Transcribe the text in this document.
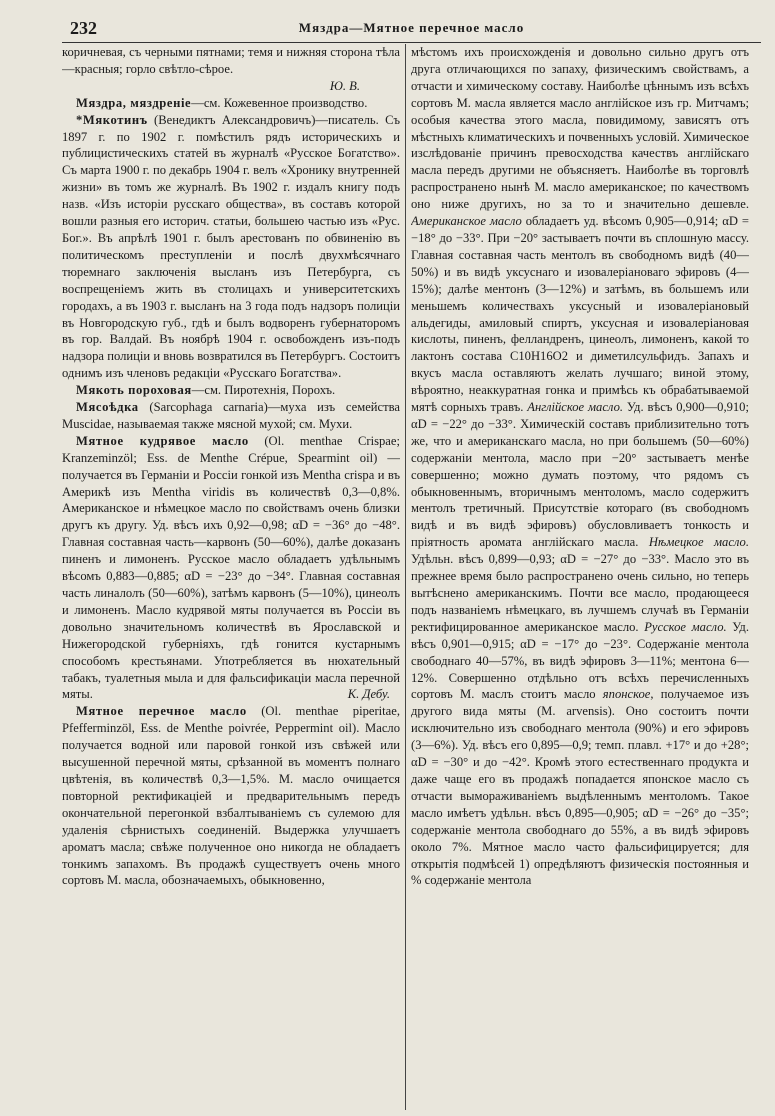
232	Мяздра—Мятное перечное масло

коричневая, съ черными пятнами; темя и нижняя сторона тѣла—красныя; горло свѣтло-сѣрое.

Ю. В.

Мяздра, мяздреніе—см. Кожевенное производство.

*Мякотинъ (Венедиктъ Александровичъ)—писатель. Съ 1897 г. по 1902 г. помѣстилъ рядъ историческихъ и публицистическихъ статей въ журналѣ «Русское Богатство». Съ марта 1900 г. по декабрь 1904 г. велъ «Хронику внутренней жизни» въ томъ же журналѣ. Въ 1902 г. издалъ книгу подъ назв. «Изъ исторіи русскаго общества», въ составъ которой вошли разныя его историч. статьи, большею частью изъ «Рус. Бог.». Въ апрѣлѣ 1901 г. былъ арестованъ по обвиненію въ политическомъ преступленіи и послѣ двухмѣсячнаго тюремнаго заключенія высланъ изъ Петербурга, съ воспрещеніемъ жить въ столицахъ и университетскихъ городахъ, а въ 1903 г. высланъ на 3 года подъ надзоръ полиціи въ Новгородскую губ., гдѣ и былъ водворенъ губернаторомъ въ гор. Валдай. Въ ноябрѣ 1904 г. освобожденъ изъ-подъ надзора полиціи и вновь возвратился въ Петербургъ. Состоитъ однимъ изъ членовъ редакціи «Русскаго Богатства».

Мякоть пороховая—см. Пиротехнія, Порохъ.

Мясоѣдка (Sarcophaga carnaria)—муха изъ семейства Muscidae, называемая также мясной мухой; см. Мухи.

Мятное кудрявое масло (Ol. menthae Crispae; Kranzeminzöl; Ess. de Menthe Crépue, Spearmint oil) — получается въ Германіи и Россіи гонкой изъ Mentha crispa и въ Америкѣ изъ Mentha viridis въ количествѣ 0,3—0,8%. Американское и нѣмецкое масло по свойствамъ очень близки другъ къ другу. Уд. вѣсъ ихъ 0,92—0,98; αD = −36° до −48°. Главная составная часть—карвонъ (50—60%), далѣе доказанъ пиненъ и лимоненъ. Русское масло обладаетъ удѣльнымъ вѣсомъ 0,883—0,885; αD = −23° до −34°. Главная составная часть линалолъ (50—60%), затѣмъ карвонъ (5—10%), цинеолъ и лимоненъ. Масло кудрявой мяты получается въ Россіи въ довольно значительномъ количествѣ въ Ярославской и Нижегородской губерніяхъ, гдѣ гонится кустарнымъ способомъ крестьянами. Употребляется въ нюхательный табакъ, туалетныя мыла и для фальсификаціи масла перечной мяты.	К. Дебу.

Мятное перечное масло (Ol. menthae piperitae, Pfefferminzöl, Ess. de Menthe poivrée, Peppermint oil). Масло получается водной или паровой гонкой изъ свѣжей или высушенной перечной мяты, срѣзанной въ моментъ полнаго цвѣтенія, въ количествѣ 0,3—1,5%. М. масло очищается повторной ректификаціей и предварительнымъ передъ окончательной перегонкой взбалтываніемъ съ сулемою для удаленія сѣрнистыхъ соединеній. Выдержка улучшаетъ ароматъ масла; свѣже полученное оно никогда не обладаетъ тонкимъ запахомъ. Въ продажѣ существуетъ очень много сортовъ М. масла, обозначаемыхъ, обыкновенно,

мѣстомъ ихъ происхожденія и довольно сильно другъ отъ друга отличающихся по запаху, физическимъ свойствамъ, а отчасти и химическому составу. Наиболѣе цѣннымъ изъ всѣхъ сортовъ М. масла является масло англійское изъ гр. Митчамъ; особыя качества этого масла, повидимому, зависятъ отъ мѣстныхъ климатическихъ и почвенныхъ условій. Химическое изслѣдованіе причинъ превосходства качествъ англійскаго масла передъ другими не объясняетъ. Наиболѣе въ торговлѣ распространено нынѣ М. масло американское; по качествомъ оно ниже другихъ, но за то и значительно дешевле. Американское масло обладаетъ уд. вѣсомъ 0,905—0,914; αD = −18° до −33°. При −20° застываетъ почти въ сплошную массу. Главная составная часть ментолъ въ свободномъ видѣ (40—50%) и въ видѣ уксуснаго и изовалеріановаго эфировъ (4—15%); далѣе ментонъ (3—12%) и затѣмъ, въ большемъ или меньшемъ количествахъ уксусный и изовалеріановый альдегиды, амиловый спиртъ, уксусная и изовалеріановая кислоты, пиненъ, фелландренъ, цинеолъ, лимоненъ, какой то лактонъ состава C10H16O2 и диметилсульфидъ. Запахъ и вкусъ масла оставляютъ желать лучшаго; виной этому, вѣроятно, неаккуратная гонка и примѣсь къ обрабатываемой мятѣ сорныхъ травъ. Англійское масло. Уд. вѣсъ 0,900—0,910; αD = −22° до −33°. Химическій составъ приблизительно тотъ же, что и американскаго масла, но при большемъ (50—60%) содержаніи ментола, масло при −20° застываетъ менѣе совершенно; можно думать поэтому, что рядомъ съ обыкновеннымъ, вторичнымъ ментоломъ, масло содержитъ ментолъ третичный. Присутствіе котораго (въ свободномъ видѣ и въ видѣ эфировъ) обусловливаетъ тонкость и пріятность аромата англійскаго масла. Нѣмецкое масло. Удѣльн. вѣсъ 0,899—0,93; αD = −27° до −33°. Масло это въ прежнее время было распространено очень сильно, но теперь вытѣснено американскимъ. Почти все масло, продающееся подъ названіемъ нѣмецкаго, въ лучшемъ случаѣ въ Германіи ректифицированное американское масло. Русское масло. Уд. вѣсъ 0,901—0,915; αD = −17° до −23°. Содержаніе ментола свободнаго 40—57%, въ видѣ эфировъ 3—11%; ментона 6—12%. Совершенно отдѣльно отъ всѣхъ перечисленныхъ сортовъ М. маслъ стоитъ масло японское, получаемое изъ другого вида мяты (M. arvensis). Оно состоитъ почти исключительно изъ свободнаго ментола (90%) и его эфировъ (3—6%). Уд. вѣсъ его 0,895—0,9; темп. плавл. +17° и до +28°; αD = −30° и до −42°. Кромѣ этого естественнаго продукта и даже чаще его въ продажѣ попадается японское масло съ отчасти вымораживаніемъ выдѣленнымъ ментоломъ. Такое масло имѣетъ удѣльн. вѣсъ 0,895—0,905; αD = −26° до −35°; содержаніе ментола свободнаго до 55%, а въ видѣ эфировъ около 7%. Мятное масло часто фальсифицируется; для открытія подмѣсей 1) опредѣляютъ физическія постоянныя и % содержаніе ментола
